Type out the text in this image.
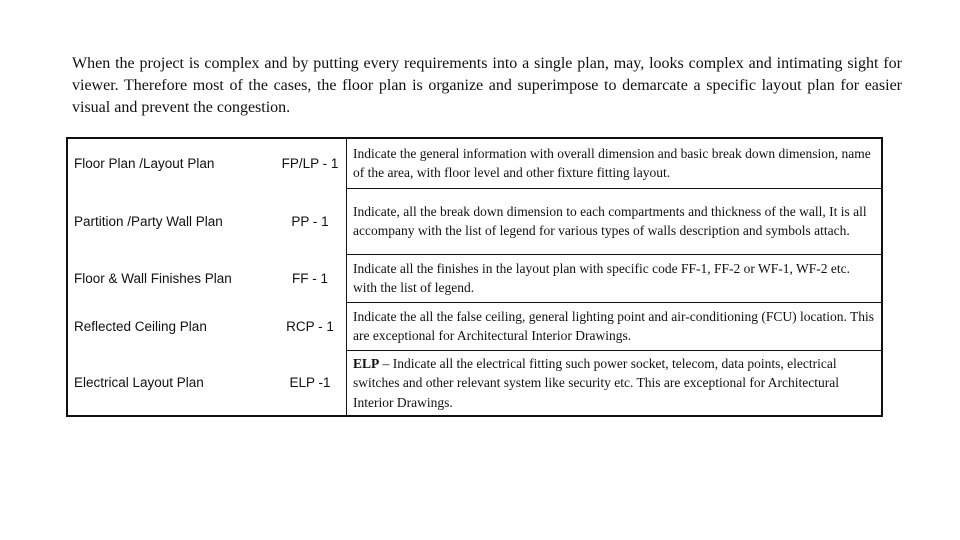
When the project is complex and by putting every requirements into a single plan, may, looks complex and intimating sight for viewer. Therefore most of the cases, the floor plan is organize and superimpose to demarcate a specific layout plan for easier visual and prevent the congestion.

Floor Plan /Layout Plan	FP/LP - 1	Indicate the general information with overall dimension and basic break down dimension, name of the area, with floor level and other fixture fitting layout.
Partition /Party Wall Plan	PP - 1	Indicate, all the break down dimension to each compartments and thickness of the wall, It is all accompany with the list of legend for various types of walls description and symbols attach.
Floor & Wall Finishes Plan	FF - 1	Indicate all the finishes in the layout plan with specific code FF-1, FF-2 or WF-1, WF-2 etc. with the list of legend.
Reflected Ceiling Plan	RCP - 1	Indicate the all the false ceiling, general lighting point and air-conditioning (FCU) location. This are exceptional for Architectural Interior Drawings.
Electrical Layout Plan	ELP -1	ELP – Indicate all the electrical fitting such power socket, telecom, data points, electrical switches and other relevant system like security etc. This are exceptional for Architectural Interior Drawings.
